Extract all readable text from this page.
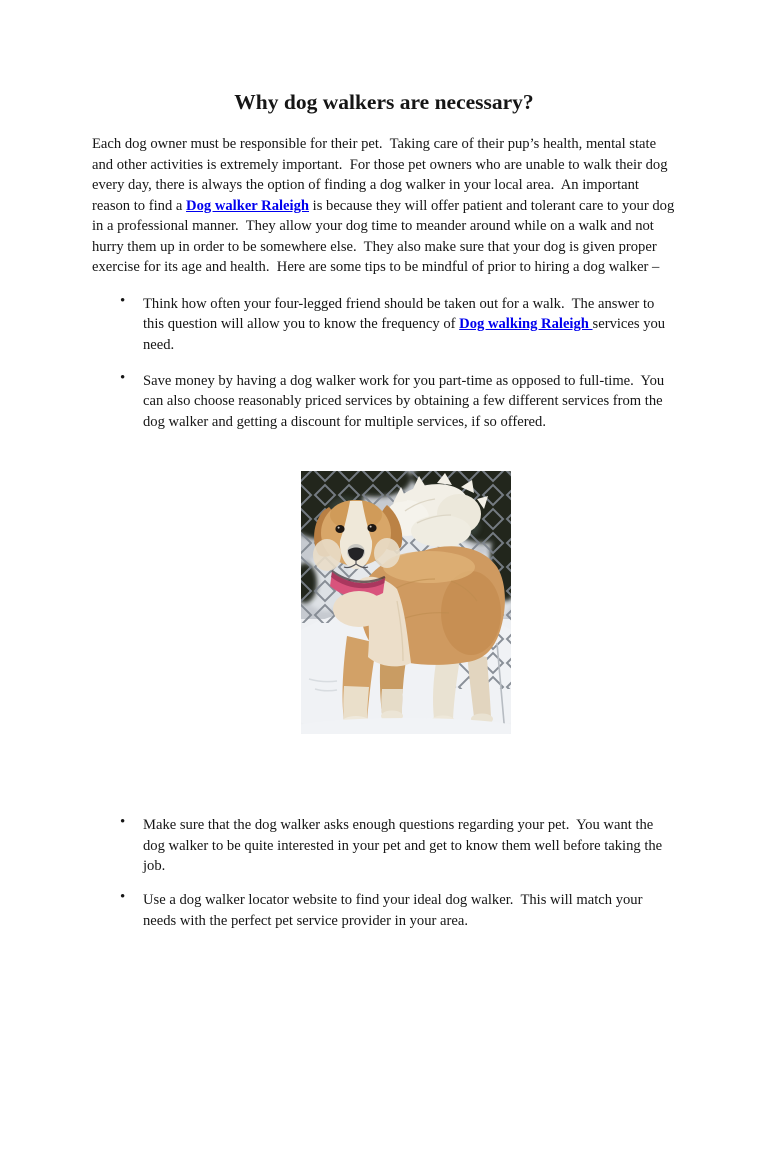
Why dog walkers are necessary?

Each dog owner must be responsible for their pet.  Taking care of their pup’s health, mental state and other activities is extremely important.  For those pet owners who are unable to walk their dog every day, there is always the option of finding a dog walker in your local area.  An important reason to find a Dog walker Raleigh is because they will offer patient and tolerant care to your dog in a professional manner.  They allow your dog time to meander around while on a walk and not hurry them up in order to be somewhere else.  They also make sure that your dog is given proper exercise for its age and health.  Here are some tips to be mindful of prior to hiring a dog walker –

• Think how often your four-legged friend should be taken out for a walk.  The answer to this question will allow you to know the frequency of Dog walking Raleigh services you need.
• Save money by having a dog walker work for you part-time as opposed to full-time.  You can also choose reasonably priced services by obtaining a few different services from the dog walker and getting a discount for multiple services, if so offered.
• Make sure that the dog walker asks enough questions regarding your pet.  You want the dog walker to be quite interested in your pet and get to know them well before taking the job.
• Use a dog walker locator website to find your ideal dog walker.  This will match your needs with the perfect pet service provider in your area.
